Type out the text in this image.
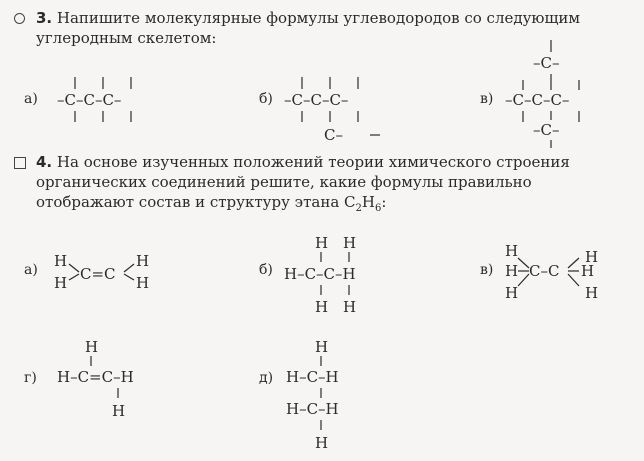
3. Напишите молекулярные формулы углеводородов со следующим углеродным скелетом:
а) –C–C–C–	б) –C–C–C–
C–
в)
–C–
–C–C–C–
–C–
4. На основе изученных положений теории химического строения органических соединений решите, какие формулы правильно отображают состав и структуру этана $C_2H_6$:
а) H
H C=C
H
H
б)
H H
H–C–C–H
H H
в)
H
H
H
C–C
H
H
H
г)
H
H–C=C–H
H
д)
H
H–C–H
H–C–H
H
